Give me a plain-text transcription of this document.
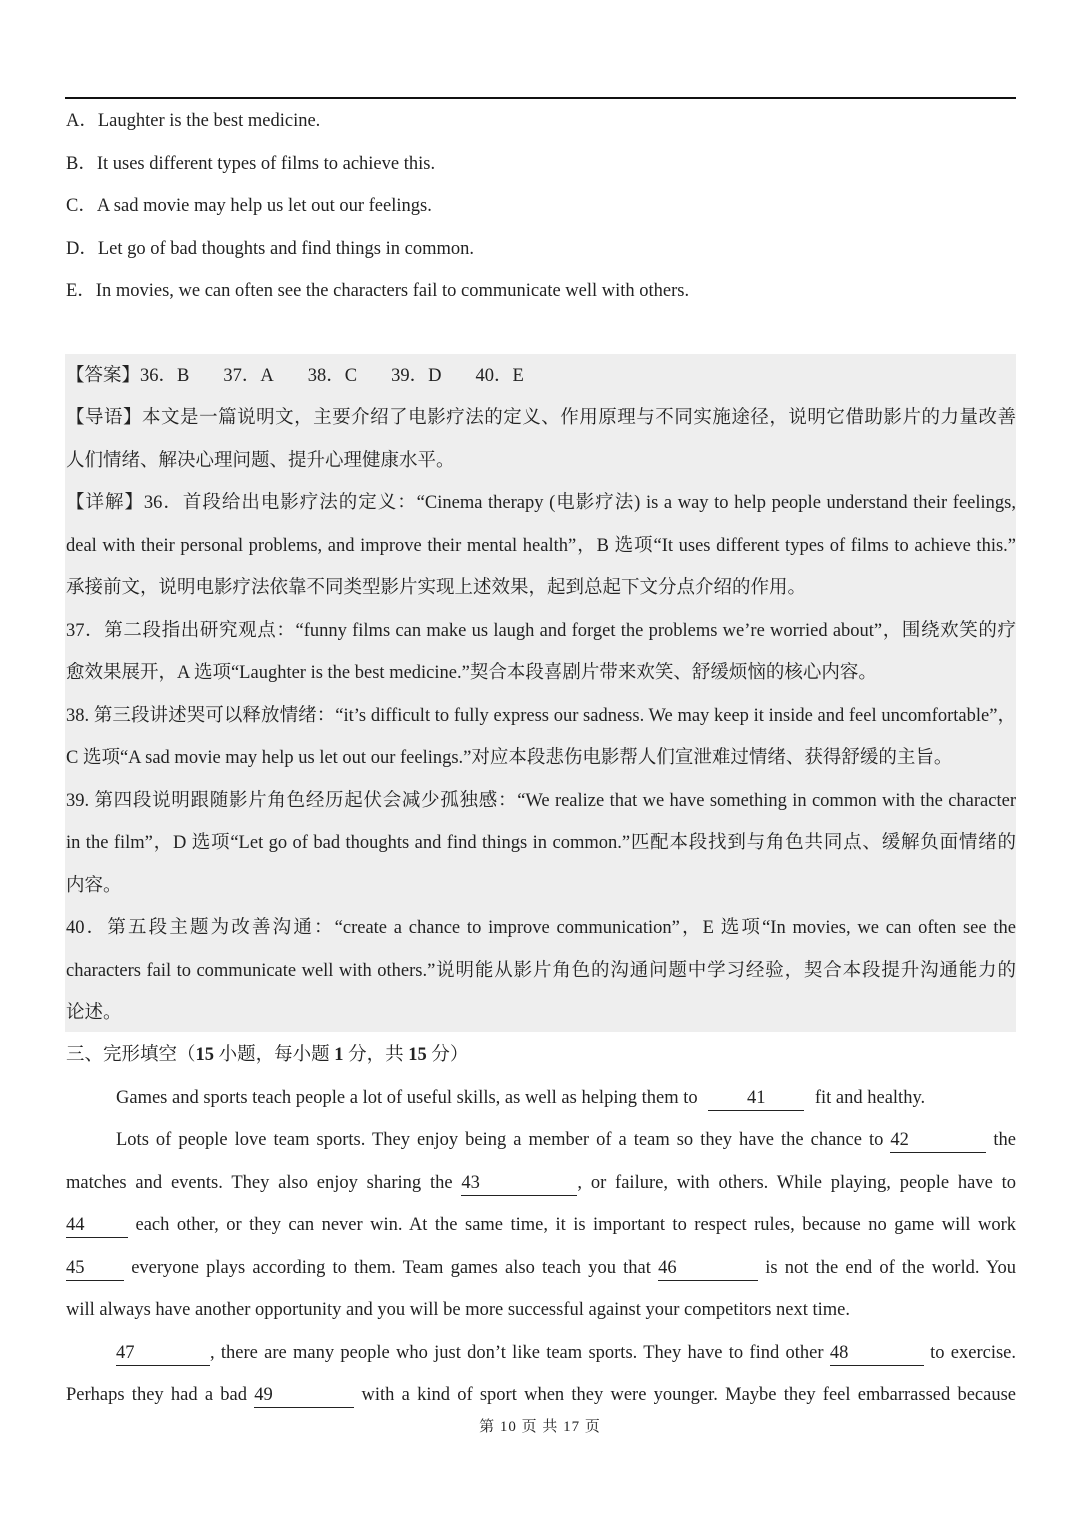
A．Laughter is the best medicine.
B．It uses different types of films to achieve this.
C．A sad movie may help us let out our feelings.
D．Let go of bad thoughts and find things in common.
E．In movies, we can often see the characters fail to communicate well with others.
【答案】36．B 37．A 38．C 39．D 40．E
【导语】本文是一篇说明文，主要介绍了电影疗法的定义、作用原理与不同实施途径，说明它借助影片的力量改善
人们情绪、解决心理问题、提升心理健康水平。
【详解】36．首段给出电影疗法的定义：“Cinema therapy (电影疗法) is a way to help people understand their feelings,
deal with their personal problems, and improve their mental health”，B 选项“It uses different types of films to achieve this.”
承接前文，说明电影疗法依靠不同类型影片实现上述效果，起到总起下文分点介绍的作用。
37．第二段指出研究观点：“funny films can make us laugh and forget the problems we’re worried about”，围绕欢笑的疗
愈效果展开，A 选项“Laughter is the best medicine.”契合本段喜剧片带来欢笑、舒缓烦恼的核心内容。
38. 第三段讲述哭可以释放情绪：“it’s difficult to fully express our sadness. We may keep it inside and feel uncomfortable”，
C 选项“A sad movie may help us let out our feelings.”对应本段悲伤电影帮人们宣泄难过情绪、获得舒缓的主旨。
39. 第四段说明跟随影片角色经历起伏会减少孤独感：“We realize that we have something in common with the character
in the film”，D 选项“Let go of bad thoughts and find things in common.”匹配本段找到与角色共同点、缓解负面情绪的
内容。
40．第五段主题为改善沟通：“create a chance to improve communication”，E 选项“In movies, we can often see the
characters fail to communicate well with others.”说明能从影片角色的沟通问题中学习经验，契合本段提升沟通能力的
论述。
三、完形填空（15 小题，每小题 1 分，共 15 分）
Games and sports teach people a lot of useful skills, as well as helping them to	41	fit and healthy.
Lots of people love team sports. They enjoy being a member of a team so they have the chance to 42	the
matches and events. They also enjoy sharing the 43	, or failure, with others. While playing, people have to
44	each other, or they can never win. At the same time, it is important to respect rules, because no game will work
45	everyone plays according to them. Team games also teach you that 46	is not the end of the world. You
will always have another opportunity and you will be more successful against your competitors next time.
47	, there are many people who just don’t like team sports. They have to find other 48	to exercise.
Perhaps they had a bad 49	with a kind of sport when they were younger. Maybe they feel embarrassed because
第 10 页 共 17 页
